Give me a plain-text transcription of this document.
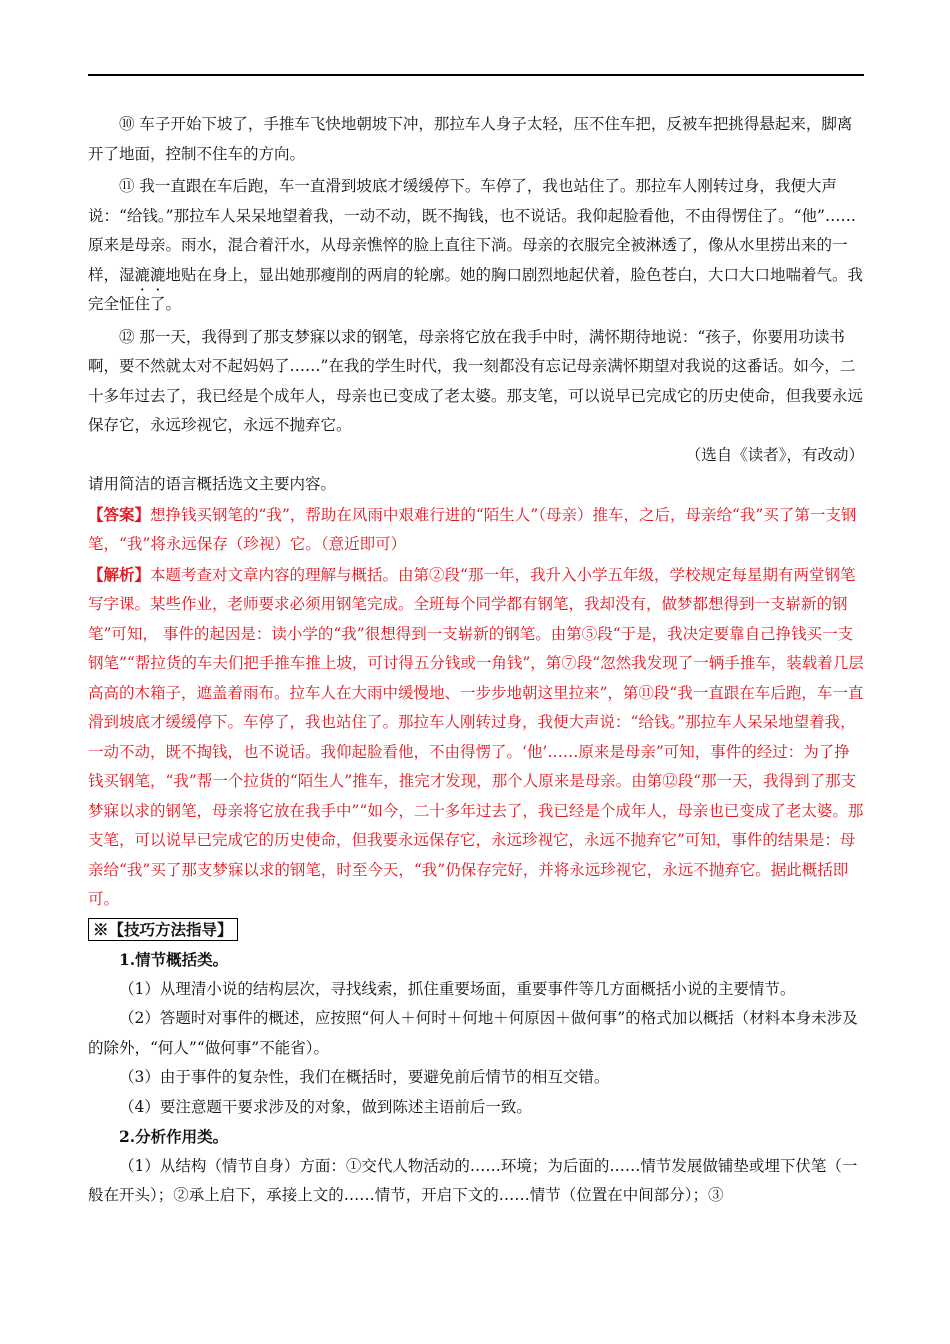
⑩ 车子开始下坡了，手推车飞快地朝坡下冲，那拉车人身子太轻，压不住车把，反被车把挑得悬起来，脚离开了地面，控制不住车的方向。

⑪ 我一直跟在车后跑，车一直滑到坡底才缓缓停下。车停了，我也站住了。那拉车人刚转过身，我便大声说：“给钱。”那拉车人呆呆地望着我，一动不动，既不掏钱，也不说话。我仰起脸看他，不由得愣住了。“他”……原来是母亲。雨水，混合着汗水，从母亲憔悴的脸上直往下淌。母亲的衣服完全被淋透了，像从水里捞出来的一样，湿漉漉地贴在身上，显出她那瘦削的两肩的轮廓。她的胸口剧烈地起伏着，脸色苍白，大口大口地喘着气。我完全怔住了。

⑫ 那一天，我得到了那支梦寐以求的钢笔，母亲将它放在我手中时，满怀期待地说：“孩子，你要用功读书啊，要不然就太对不起妈妈了……”在我的学生时代，我一刻都没有忘记母亲满怀期望对我说的这番话。如今，二十多年过去了，我已经是个成年人，母亲也已变成了老太婆。那支笔，可以说早已完成它的历史使命，但我要永远保存它，永远珍视它，永远不抛弃它。

（选自《读者》，有改动）

请用简洁的语言概括选文主要内容。

【答案】想挣钱买钢笔的“我”，帮助在风雨中艰难行进的“陌生人”（母亲）推车，之后，母亲给“我”买了第一支钢笔，“我”将永远保存（珍视）它。（意近即可）

【解析】本题考查对文章内容的理解与概括。由第②段“那一年，我升入小学五年级，学校规定每星期有两堂钢笔写字课。某些作业，老师要求必须用钢笔完成。全班每个同学都有钢笔，我却没有，做梦都想得到一支崭新的钢笔”可知， 事件的起因是：读小学的“我”很想得到一支崭新的钢笔。由第⑤段“于是，我决定要靠自己挣钱买一支钢笔”“帮拉货的车夫们把手推车推上坡，可讨得五分钱或一角钱”，第⑦段“忽然我发现了一辆手推车，装载着几层高高的木箱子，遮盖着雨布。拉车人在大雨中缓慢地、一步步地朝这里拉来”，第⑪段“我一直跟在车后跑，车一直滑到坡底才缓缓停下。车停了，我也站住了。那拉车人刚转过身，我便大声说：“给钱。”那拉车人呆呆地望着我，一动不动，既不掏钱，也不说话。我仰起脸看他，不由得愣了。‘他’……原来是母亲”可知，事件的经过：为了挣钱买钢笔，“我”帮一个拉货的“陌生人”推车，推完才发现，那个人原来是母亲。由第⑫段“那一天，我得到了那支梦寐以求的钢笔，母亲将它放在我手中”“如今，二十多年过去了，我已经是个成年人，母亲也已变成了老太婆。那支笔，可以说早已完成它的历史使命，但我要永远保存它，永远珍视它，永远不抛弃它”可知，事件的结果是：母亲给“我”买了那支梦寐以求的钢笔，时至今天，“我”仍保存完好，并将永远珍视它，永远不抛弃它。据此概括即可。

※【技巧方法指导】

1.情节概括类。

（1）从理清小说的结构层次，寻找线索，抓住重要场面，重要事件等几方面概括小说的主要情节。

（2）答题时对事件的概述，应按照“何人＋何时＋何地＋何原因＋做何事”的格式加以概括（材料本身未涉及的除外，“何人”“做何事”不能省）。

（3）由于事件的复杂性，我们在概括时，要避免前后情节的相互交错。

（4）要注意题干要求涉及的对象，做到陈述主语前后一致。

2.分析作用类。

（1）从结构（情节自身）方面：①交代人物活动的……环境；为后面的……情节发展做铺垫或埋下伏笔（一般在开头）；②承上启下，承接上文的……情节，开启下文的……情节（位置在中间部分）；③
